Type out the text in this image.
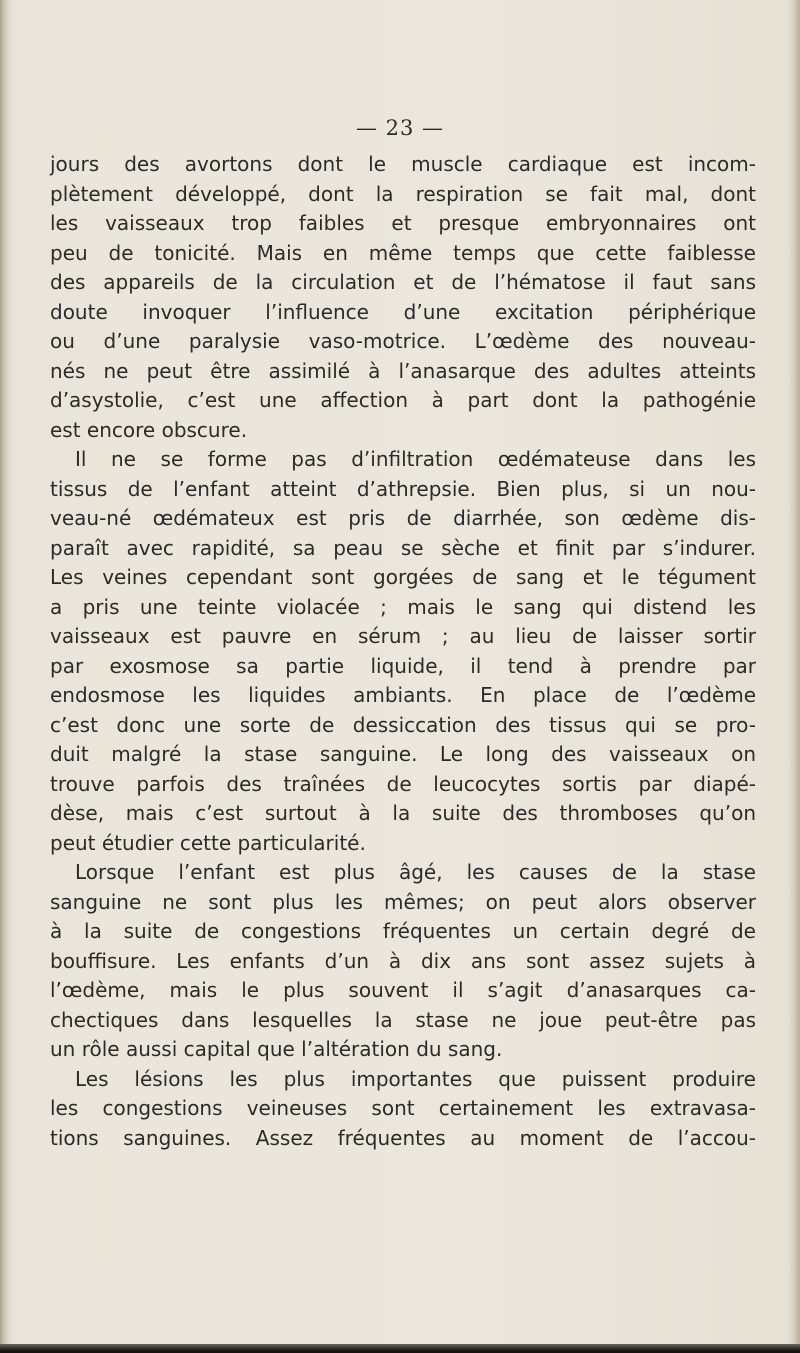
— 23 —
jours des avortons dont le muscle cardiaque est incom-
plètement développé, dont la respiration se fait mal, dont
les vaisseaux trop faibles et presque embryonnaires ont
peu de tonicité. Mais en même temps que cette faiblesse
des appareils de la circulation et de l’hématose il faut sans
doute invoquer l’influence d’une excitation périphérique
ou d’une paralysie vaso-motrice. L’œdème des nouveau-
nés ne peut être assimilé à l’anasarque des adultes atteints
d’asystolie, c’est une affection à part dont la pathogénie
est encore obscure.
Il ne se forme pas d’infiltration œdémateuse dans les
tissus de l’enfant atteint d’athrepsie. Bien plus, si un nou-
veau-né œdémateux est pris de diarrhée, son œdème dis-
paraît avec rapidité, sa peau se sèche et finit par s’indurer.
Les veines cependant sont gorgées de sang et le tégument
a pris une teinte violacée ; mais le sang qui distend les
vaisseaux est pauvre en sérum ; au lieu de laisser sortir
par exosmose sa partie liquide, il tend à prendre par
endosmose les liquides ambiants. En place de l’œdème
c’est donc une sorte de dessiccation des tissus qui se pro-
duit malgré la stase sanguine. Le long des vaisseaux on
trouve parfois des traînées de leucocytes sortis par diapé-
dèse, mais c’est surtout à la suite des thromboses qu’on
peut étudier cette particularité.
Lorsque l’enfant est plus âgé, les causes de la stase
sanguine ne sont plus les mêmes; on peut alors observer
à la suite de congestions fréquentes un certain degré de
bouffisure. Les enfants d’un à dix ans sont assez sujets à
l’œdème, mais le plus souvent il s’agit d’anasarques ca-
chectiques dans lesquelles la stase ne joue peut-être pas
un rôle aussi capital que l’altération du sang.
Les lésions les plus importantes que puissent produire
les congestions veineuses sont certainement les extravasa-
tions sanguines. Assez fréquentes au moment de l’accou-
